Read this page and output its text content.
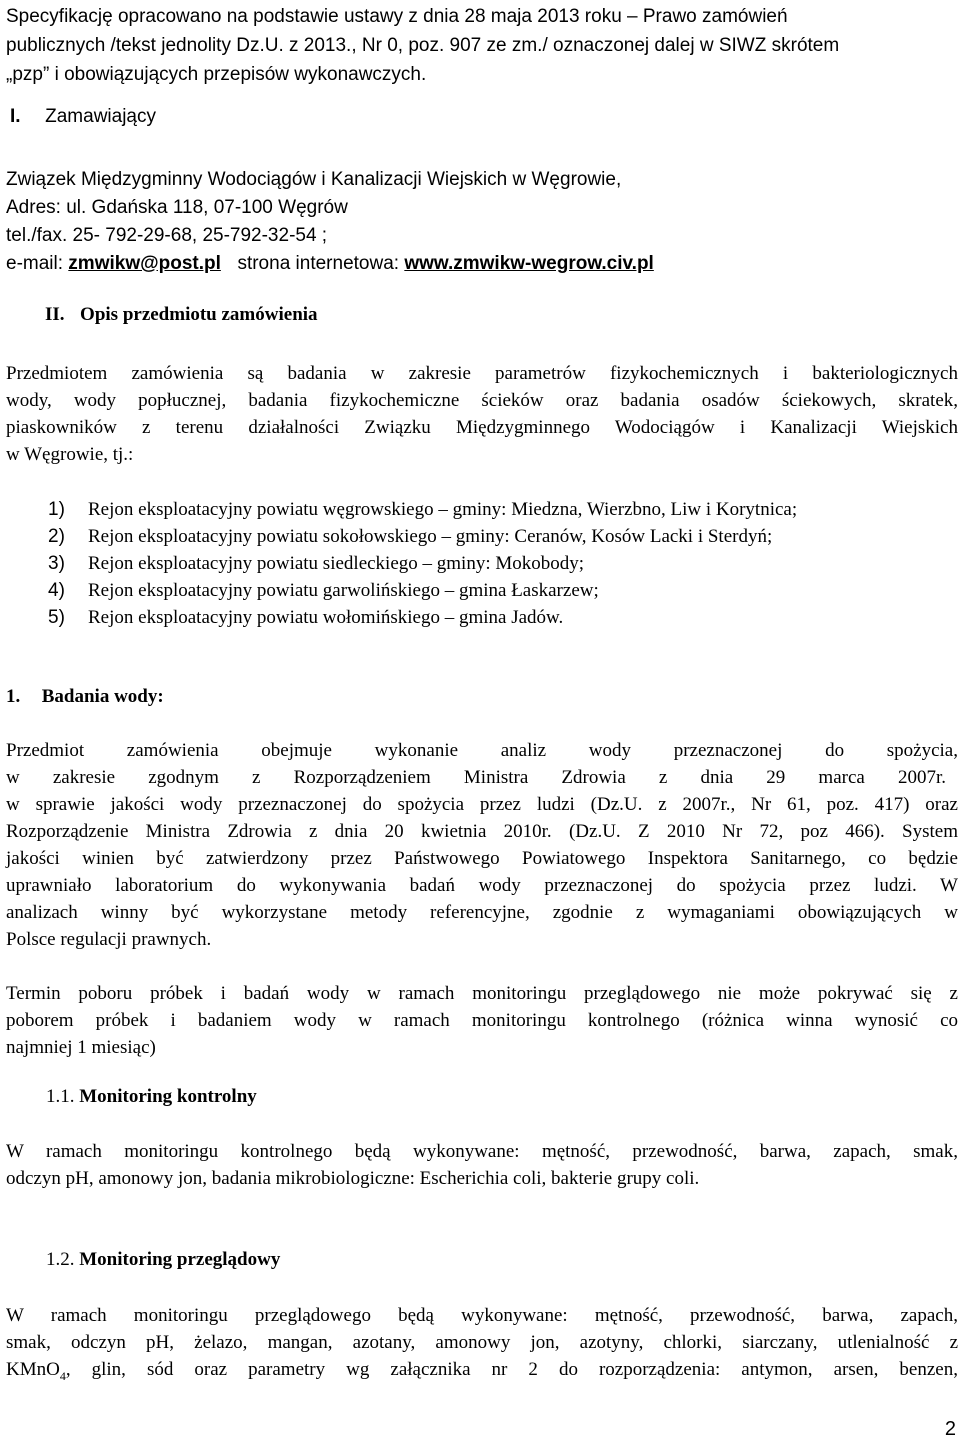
Specyfikację opracowano na podstawie ustawy z dnia 28 maja 2013 roku – Prawo zamówień
publicznych /tekst jednolity Dz.U. z 2013., Nr 0, poz. 907 ze zm./ oznaczonej dalej w SIWZ skrótem
„pzp” i obowiązujących przepisów wykonawczych.
I. Zamawiający
Związek Międzygminny Wodociągów i Kanalizacji Wiejskich w Węgrowie,
Adres: ul. Gdańska 118, 07-100 Węgrów
tel./fax. 25- 792-29-68, 25-792-32-54 ;
e-mail: zmwikw@post.pl strona internetowa: www.zmwikw-wegrow.civ.pl
II. Opis przedmiotu zamówienia
Przedmiotem zamówienia są badania w zakresie parametrów fizykochemicznych i bakteriologicznych
wody, wody popłucznej, badania fizykochemiczne ścieków oraz badania osadów ściekowych, skratek,
piaskowników z terenu działalności Związku Międzygminnego Wodociągów i Kanalizacji Wiejskich
w Węgrowie, tj.:
1) Rejon eksploatacyjny powiatu węgrowskiego – gminy: Miedzna, Wierzbno, Liw i Korytnica;
2) Rejon eksploatacyjny powiatu sokołowskiego – gminy: Ceranów, Kosów Lacki i Sterdyń;
3) Rejon eksploatacyjny powiatu siedleckiego – gminy: Mokobody;
4) Rejon eksploatacyjny powiatu garwolińskiego – gmina Łaskarzew;
5) Rejon eksploatacyjny powiatu wołomińskiego – gmina Jadów.
1. Badania wody:
Przedmiot zamówienia obejmuje wykonanie analiz wody przeznaczonej do spożycia,
w zakresie zgodnym z Rozporządzeniem Ministra Zdrowia z dnia 29 marca 2007r.
w sprawie jakości wody przeznaczonej do spożycia przez ludzi (Dz.U. z 2007r., Nr 61, poz. 417) oraz
Rozporządzenie Ministra Zdrowia z dnia 20 kwietnia 2010r. (Dz.U. Z 2010 Nr 72, poz 466). System
jakości winien być zatwierdzony przez Państwowego Powiatowego Inspektora Sanitarnego, co będzie
uprawniało laboratorium do wykonywania badań wody przeznaczonej do spożycia przez ludzi. W
analizach winny być wykorzystane metody referencyjne, zgodnie z wymaganiami obowiązujących w
Polsce regulacji prawnych.
Termin poboru próbek i badań wody w ramach monitoringu przeglądowego nie może pokrywać się z
poborem próbek i badaniem wody w ramach monitoringu kontrolnego (różnica winna wynosić co
najmniej 1 miesiąc)
1.1. Monitoring kontrolny
W ramach monitoringu kontrolnego będą wykonywane: mętność, przewodność, barwa, zapach, smak,
odczyn pH, amonowy jon, badania mikrobiologiczne: Escherichia coli, bakterie grupy coli.
1.2. Monitoring przeglądowy
W ramach monitoringu przeglądowego będą wykonywane: mętność, przewodność, barwa, zapach,
smak, odczyn pH, żelazo, mangan, azotany, amonowy jon, azotyny, chlorki, siarczany, utlenialność z
KMnO$_4$, glin, sód oraz parametry wg załącznika nr 2 do rozporządzenia: antymon, arsen, benzen,
2
